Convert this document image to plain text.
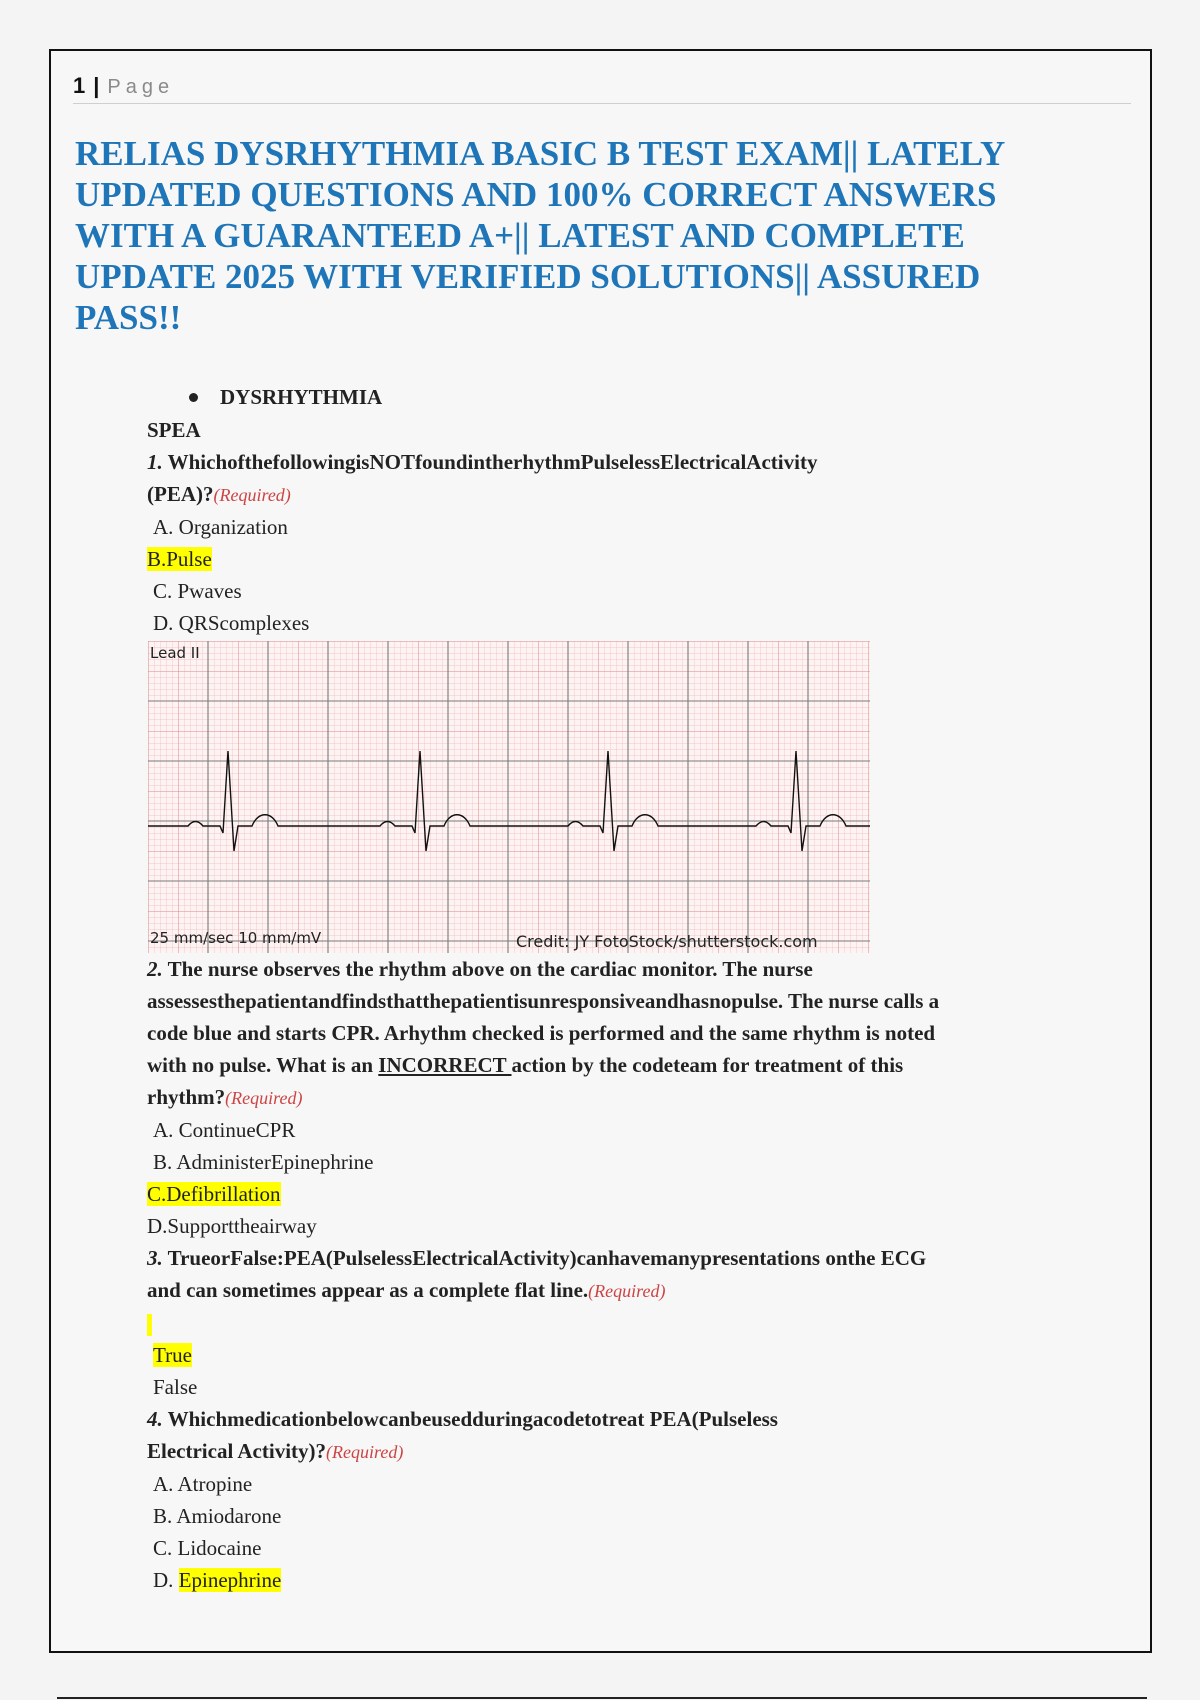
1 | Page
RELIAS DYSRHYTHMIA BASIC B TEST EXAM|| LATELY UPDATED QUESTIONS AND 100% CORRECT ANSWERS WITH A GUARANTEED A+|| LATEST AND COMPLETE UPDATE 2025 WITH VERIFIED SOLUTIONS|| ASSURED PASS!!
DYSRHYTHMIA
SPEA
1. WhichofthefollowingisNOTfoundintherhythmPulselessElectricalActivity
(PEA)?(Required)
A. Organization
B.Pulse
C. Pwaves
D. QRScomplexes
Lead II
25 mm/sec 10 mm/mV	Credit: JY FotoStock/shutterstock.com
2. The nurse observes the rhythm above on the cardiac monitor. The nurse
assessesthepatientandfindsthatthepatientisunresponsiveandhasnopulse. The nurse calls a
code blue and starts CPR. Arhythm checked is performed and the same rhythm is noted
with no pulse. What is an INCORRECT action by the codeteam for treatment of this
rhythm?(Required)
A. ContinueCPR
B. AdministerEpinephrine
C.Defibrillation
D.Supporttheairway
3. TrueorFalse:PEA(PulselessElectricalActivity)canhavemanypresentations onthe ECG
and can sometimes appear as a complete flat line.(Required)
True
False
4. Whichmedicationbelowcanbeusedduringacodetotreat PEA(Pulseless
Electrical Activity)?(Required)
A. Atropine
B. Amiodarone
C. Lidocaine
D. Epinephrine
